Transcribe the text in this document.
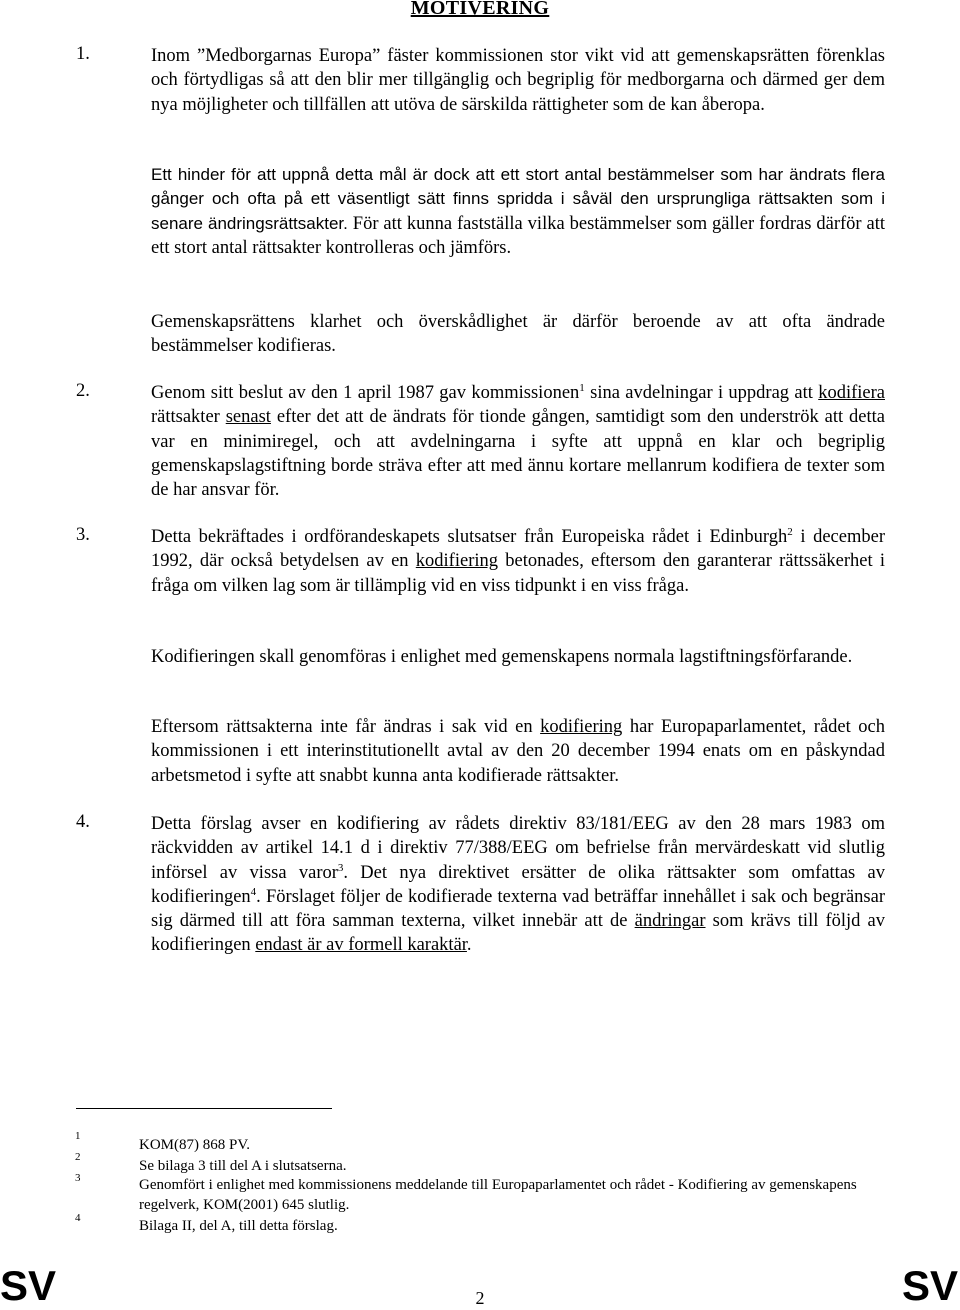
MOTIVERING
1.	Inom ”Medborgarnas Europa” fäster kommissionen stor vikt vid att gemenskapsrätten förenklas och förtydligas så att den blir mer tillgänglig och begriplig för medborgarna och därmed ger dem nya möjligheter och tillfällen att utöva de särskilda rättigheter som de kan åberopa.
Ett hinder för att uppnå detta mål är dock att ett stort antal bestämmelser som har ändrats flera gånger och ofta på ett väsentligt sätt finns spridda i såväl den ursprungliga rättsakten som i senare ändringsrättsakter. För att kunna fastställa vilka bestämmelser som gäller fordras därför att ett stort antal rättsakter kontrolleras och jämförs.
Gemenskapsrättens klarhet och överskådlighet är därför beroende av att ofta ändrade bestämmelser kodifieras.
2.	Genom sitt beslut av den 1 april 1987 gav kommissionen$^1$ sina avdelningar i uppdrag att kodifiera rättsakter senast efter det att de ändrats för tionde gången, samtidigt som den underströk att detta var en minimiregel, och att avdelningarna i syfte att uppnå en klar och begriplig gemenskapslagstiftning borde sträva efter att med ännu kortare mellanrum kodifiera de texter som de har ansvar för.
3.	Detta bekräftades i ordförandeskapets slutsatser från Europeiska rådet i Edinburgh$^2$ i december 1992, där också betydelsen av en kodifiering betonades, eftersom den garanterar rättssäkerhet i fråga om vilken lag som är tillämplig vid en viss tidpunkt i en viss fråga.
Kodifieringen skall genomföras i enlighet med gemenskapens normala lagstiftningsförfarande.
Eftersom rättsakterna inte får ändras i sak vid en kodifiering har Europaparlamentet, rådet och kommissionen i ett interinstitutionellt avtal av den 20 december 1994 enats om en påskyndad arbetsmetod i syfte att snabbt kunna anta kodifierade rättsakter.
4.	Detta förslag avser en kodifiering av rådets direktiv 83/181/EEG av den 28 mars 1983 om räckvidden av artikel 14.1 d i direktiv 77/388/EEG om befrielse från mervärdeskatt vid slutlig införsel av vissa varor$^3$. Det nya direktivet ersätter de olika rättsakter som omfattas av kodifieringen$^4$. Förslaget följer de kodifierade texterna vad beträffar innehållet i sak och begränsar sig därmed till att föra samman texterna, vilket innebär att de ändringar som krävs till följd av kodifieringen endast är av formell karaktär.
1
KOM(87) 868 PV.
2
Se bilaga 3 till del A i slutsatserna.
3	Genomfört i enlighet med kommissionens meddelande till Europaparlamentet och rådet - Kodifiering av gemenskapens regelverk, KOM(2001) 645 slutlig.
4	Bilaga II, del A, till detta förslag.
SV	2	SV
